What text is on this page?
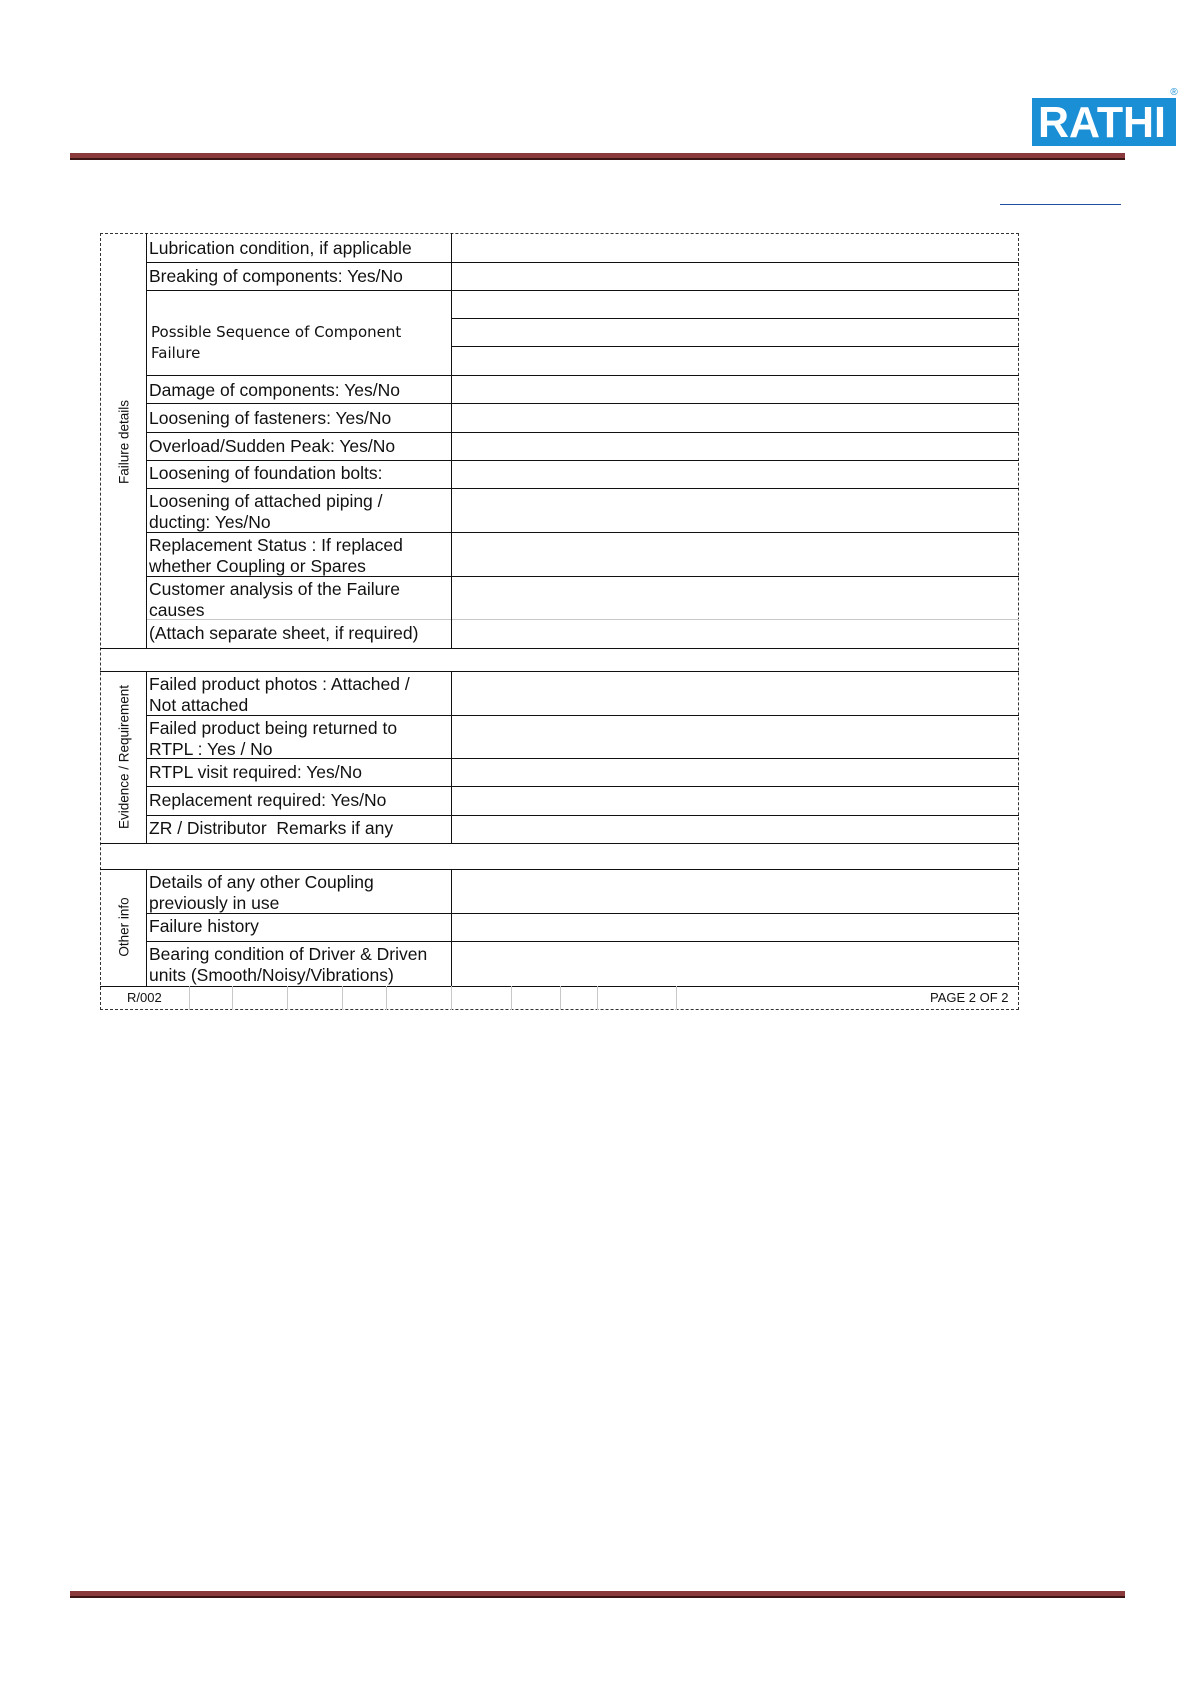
RATHI
®
Failure details
Evidence / Requirement
Other info
Lubrication condition, if applicable
Breaking of components: Yes/No
Possible Sequence of Component Failure
Damage of components: Yes/No
Loosening of fasteners: Yes/No
Overload/Sudden Peak: Yes/No
Loosening of foundation bolts:
Loosening of attached piping / ducting: Yes/No
Replacement Status : If replaced whether Coupling or Spares
Customer analysis of the Failure causes
(Attach separate sheet, if required)
Failed product photos : Attached / Not attached
Failed product being returned to RTPL : Yes / No
RTPL visit required: Yes/No
Replacement required: Yes/No
ZR / Distributor  Remarks if any
Details of any other Coupling previously in use
Failure history
Bearing condition of Driver & Driven units (Smooth/Noisy/Vibrations)
R/002	PAGE 2 OF 2
